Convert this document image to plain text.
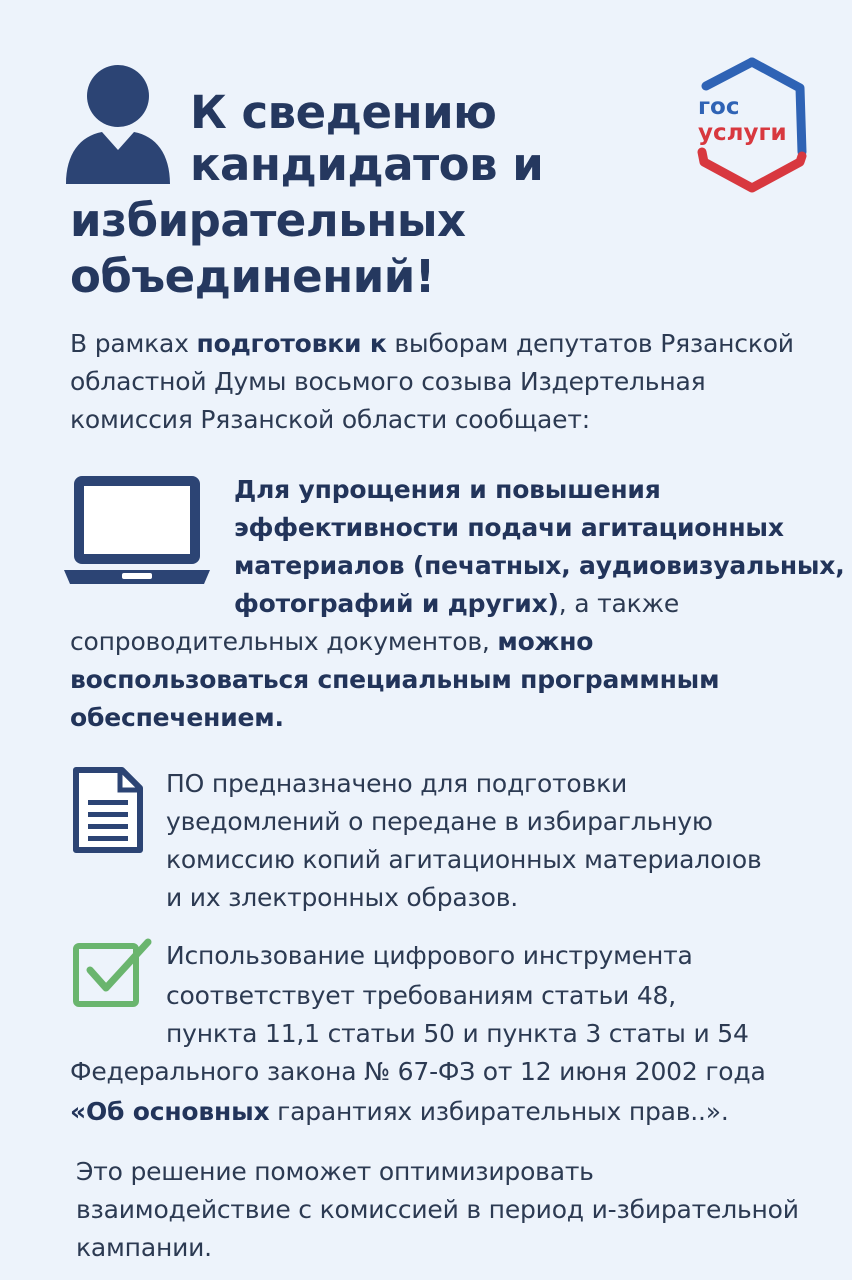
К сведению
кандидатов и
избирательных
объединений!
гос
услуги
В рамках подготовки к выборам депутатов Рязанской
областной Думы восьмого созыва Издертельная
комиссия Рязанской области сообщает:
Для упрощения и повышения
эффективности подачи агитационных
материалов (печатных, аудиовизуальных,
фотографий и других), а также
сопроводительных документов, можно
воспользоваться специальным программным
обеспечением.
ПО предназначено для подготовки
уведомлений о передане в избирагльную
комиссию копий агитационных материалоıов
и их злектронных образов.
Использование цифрового инструмента
соответствует требованиям статьи 48,
пункта 11,1 статьи 50 и пункта 3 статы и 54
Федерального закона № 67-ФЗ от 12 июня 2002 года
«Об основных гарантиях избирательных прав..».
Это решение поможет оптимизировать
взаимодействие с комиссией в период и-збирательной
кампании.
